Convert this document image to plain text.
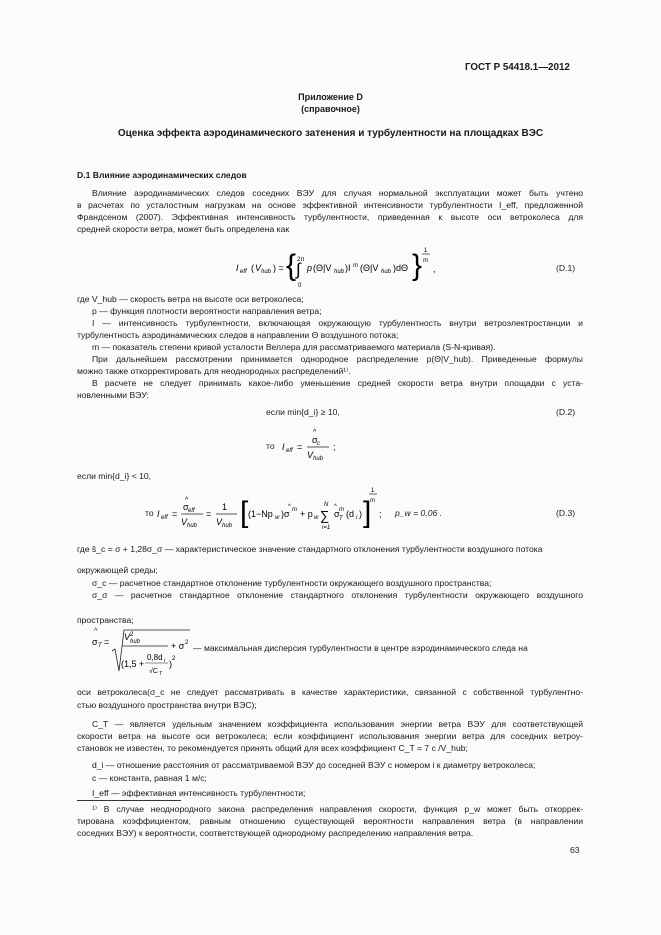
ГОСТ Р 54418.1—2012
Приложение D
(справочное)
Оценка эффекта аэродинамического затенения и турбулентности на площадках ВЭС
D.1 Влияние аэродинамических следов
Влияние аэродинамических следов соседних ВЭУ для случая нормальной эксплуатации может быть учтено
в расчетах по усталостным нагрузкам на основе эффективной интенсивности турбулентности I_eff, предложенной
Франдсеном (2007). Эффективная интенсивность турбулентности, приведенная к высоте оси ветроколеса для
средней скорости ветра, может быть определена как
I eff ( V hub ) = { 2π
∫
0
p (Θ|V hub )I m (Θ|V hub )dΘ } 1
m
,	(D.1)
где V_hub — скорость ветра на высоте оси ветроколеса;
p — функция плотности вероятности направления ветра;
I — интенсивность турбулентности, включающая окружающую турбулентность внутри ветроэлектростанции и
турбулентность аэродинамических следов в направлении Θ воздушного потока;
m — показатель степени кривой усталости Веллера для рассматриваемого материала (S-N-кривая).
При дальнейшем рассмотрении принимается однородное распределение p(Θ|V_hub). Приведенные формулы
можно также откорректировать для неоднородных распределений¹⁾.
В расчете не следует принимать какое-либо уменьшение средней скорости ветра внутри площадки с уста-
новленными ВЭУ:
если min{d_i} ≥ 10,	(D.2)
то I eff =
^
σ c
V hub
;
если min{d_i} < 10,
то I eff =
^
σ eff
V hub
=
1
V hub [ (1−Np w )σ
^ m + p w
N
∑
i=1
σ
^ m
T (d i ) ]
1
m
; p_w = 0,06 .	(D.3)
где ŝ_c = σ + 1,28σ_σ — характеристическое значение стандартного отклонения турбулентности воздушного потока
окружающей среды;
σ_c — расчетное стандартное отклонение турбулентности окружающего воздушного пространства;
σ_σ — расчетное стандартное отклонение стандартного отклонения турбулентности окружающего воздушного
пространства;
^
σ T = V 2
hub	+ σ 2
(1,5 +
0,8d i
√C T
) 2
— максимальная дисперсия турбулентности в центре аэродинамического следа на
оси ветроколеса(σ_c не следует рассматривать в качестве характеристики, связанной с собственной турбулентно-
стью воздушного пространства внутри ВЭС);
C_T — является удельным значением коэффициента использования энергии ветра ВЭУ для соответствующей
скорости ветра на высоте оси ветроколеса; если коэффициент использования энергии ветра для соседних ветроу-
становок не известен, то рекомендуется принять общий для всех коэффициент C_T = 7 c /V_hub;
d_i — отношение расстояния от рассматриваемой ВЭУ до соседней ВЭУ с номером i к диаметру ветроколеса;
c — константа, равная 1 м/с;
I_eff — эффективная интенсивность турбулентности;
¹⁾ В случае неоднородного закона распределения направления скорости, функция p_w может быть откоррек-
тирована коэффициентом, равным отношению существующей вероятности направления ветра (в направлении
соседних ВЭУ) к вероятности, соответствующей однородному распределению направления ветра.
63
